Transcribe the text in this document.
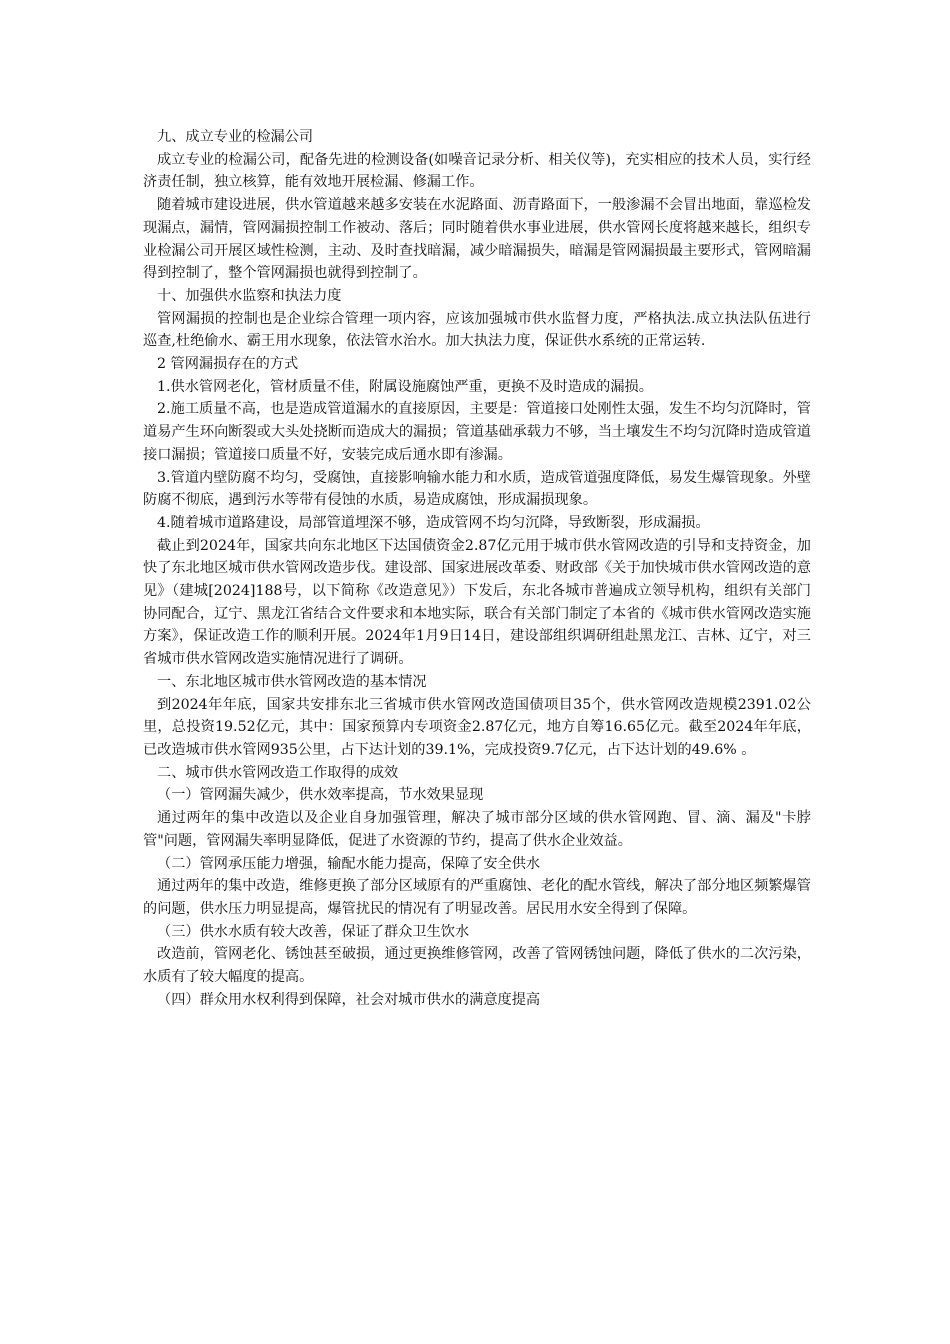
九、成立专业的检漏公司

成立专业的检漏公司，配备先进的检测设备(如噪音记录分析、相关仪等)，充实相应的技术人员，实行经济责任制，独立核算，能有效地开展检漏、修漏工作。

随着城市建设进展，供水管道越来越多安装在水泥路面、沥青路面下，一般渗漏不会冒出地面，靠巡检发现漏点，漏情，管网漏损控制工作被动、落后；同时随着供水事业进展，供水管网长度将越来越长，组织专业检漏公司开展区域性检测，主动、及时查找暗漏，减少暗漏损失，暗漏是管网漏损最主要形式，管网暗漏得到控制了，整个管网漏损也就得到控制了。

十、加强供水监察和执法力度

管网漏损的控制也是企业综合管理一项内容，应该加强城市供水监督力度，严格执法.成立执法队伍进行巡查,杜绝偷水、霸王用水现象，依法管水治水。加大执法力度，保证供水系统的正常运转.

2 管网漏损存在的方式

1.供水管网老化，管材质量不佳，附属设施腐蚀严重，更换不及时造成的漏损。

2.施工质量不高，也是造成管道漏水的直接原因，主要是：管道接口处刚性太强，发生不均匀沉降时，管道易产生环向断裂或大头处挠断而造成大的漏损；管道基础承载力不够，当土壤发生不均匀沉降时造成管道接口漏损；管道接口质量不好，安装完成后通水即有渗漏。

3.管道内壁防腐不均匀，受腐蚀，直接影响输水能力和水质，造成管道强度降低，易发生爆管现象。外壁防腐不彻底，遇到污水等带有侵蚀的水质，易造成腐蚀，形成漏损现象。

4.随着城市道路建设，局部管道埋深不够，造成管网不均匀沉降，导致断裂，形成漏损。

截止到2024年，国家共向东北地区下达国债资金2.87亿元用于城市供水管网改造的引导和支持资金，加快了东北地区城市供水管网改造步伐。建设部、国家进展改革委、财政部《关于加快城市供水管网改造的意见》（建城[2024]188号，以下简称《改造意见》）下发后，东北各城市普遍成立领导机构，组织有关部门协同配合，辽宁、黑龙江省结合文件要求和本地实际，联合有关部门制定了本省的《城市供水管网改造实施方案》，保证改造工作的顺利开展。2024年1月9日14日，建设部组织调研组赴黑龙江、吉林、辽宁，对三省城市供水管网改造实施情况进行了调研。

一、东北地区城市供水管网改造的基本情况

到2024年年底，国家共安排东北三省城市供水管网改造国债项目35个，供水管网改造规模2391.02公里，总投资19.52亿元，其中：国家预算内专项资金2.87亿元，地方自筹16.65亿元。截至2024年年底，已改造城市供水管网935公里，占下达计划的39.1%，完成投资9.7亿元，占下达计划的49.6% 。

二、城市供水管网改造工作取得的成效

（一）管网漏失减少，供水效率提高，节水效果显现

通过两年的集中改造以及企业自身加强管理，解决了城市部分区域的供水管网跑、冒、滴、漏及"卡脖管"问题，管网漏失率明显降低，促进了水资源的节约，提高了供水企业效益。

（二）管网承压能力增强，输配水能力提高，保障了安全供水

通过两年的集中改造，维修更换了部分区域原有的严重腐蚀、老化的配水管线，解决了部分地区频繁爆管的问题，供水压力明显提高，爆管扰民的情况有了明显改善。居民用水安全得到了保障。

（三）供水水质有较大改善，保证了群众卫生饮水

改造前，管网老化、锈蚀甚至破损，通过更换维修管网，改善了管网锈蚀问题，降低了供水的二次污染，水质有了较大幅度的提高。

（四）群众用水权利得到保障，社会对城市供水的满意度提高
